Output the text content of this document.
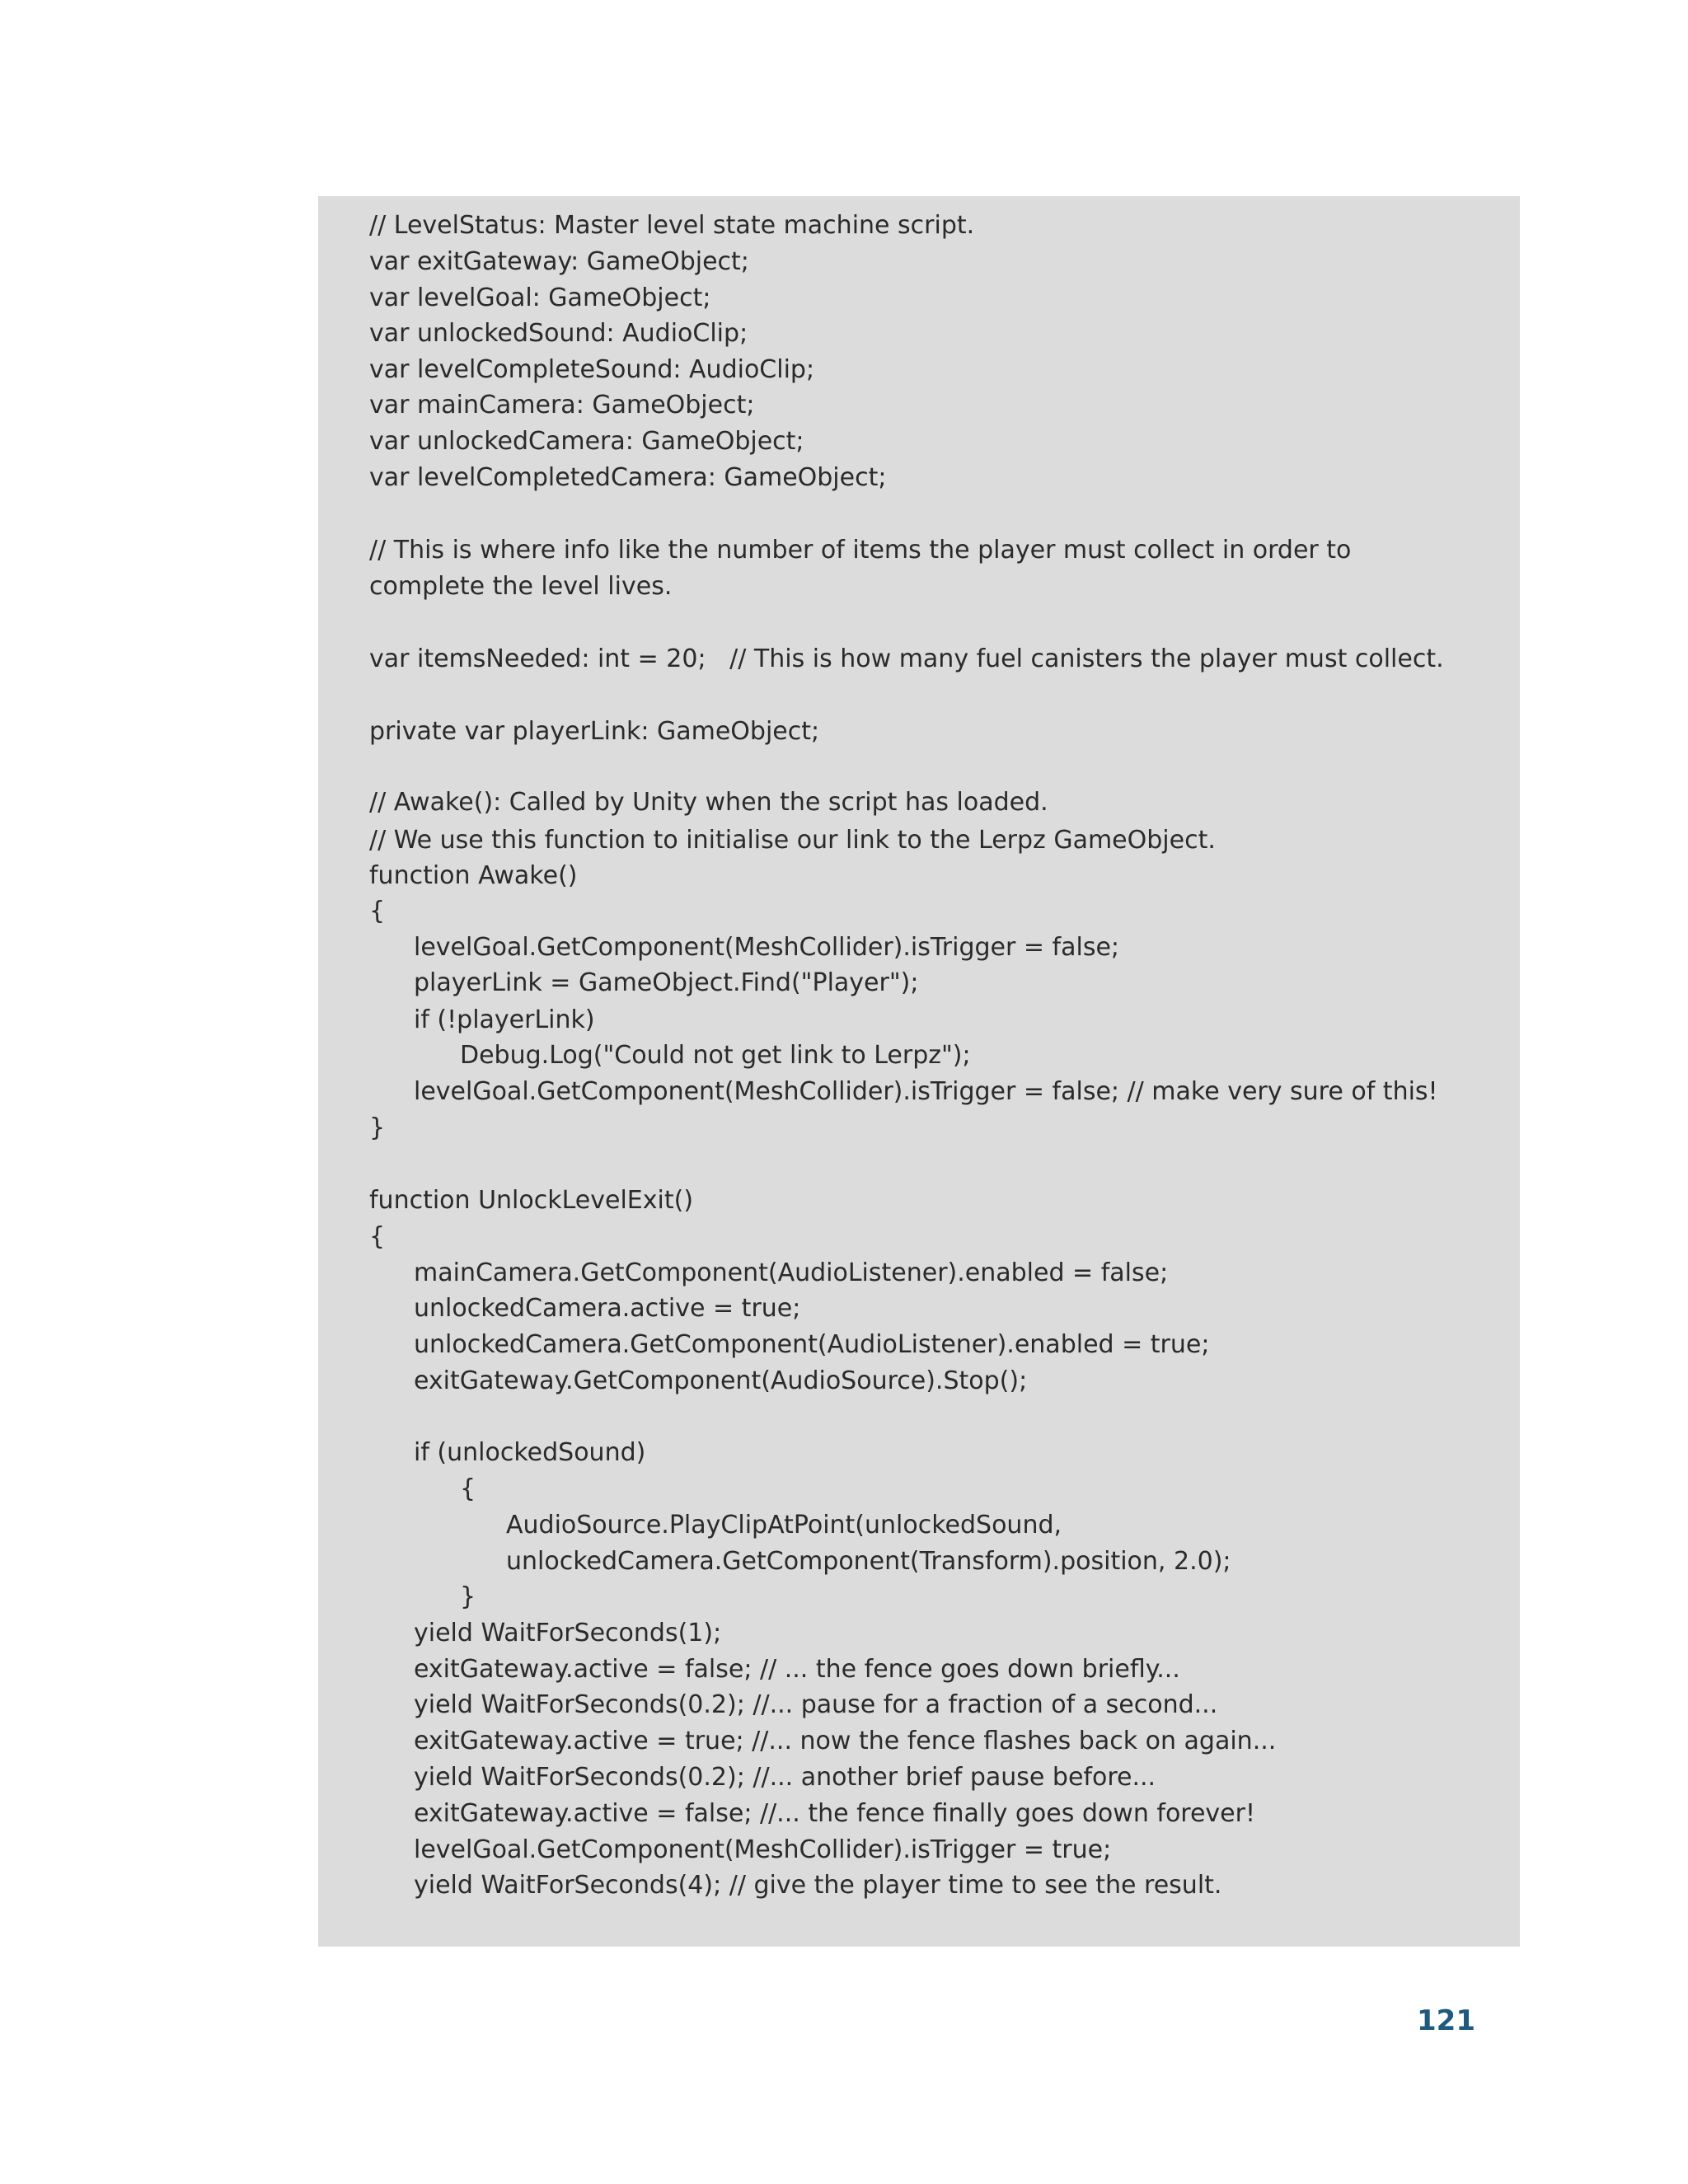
// LevelStatus: Master level state machine script.
var exitGateway: GameObject;
var levelGoal: GameObject;
var unlockedSound: AudioClip;
var levelCompleteSound: AudioClip;
var mainCamera: GameObject;
var unlockedCamera: GameObject;
var levelCompletedCamera: GameObject;
// This is where info like the number of items the player must collect in order to
complete the level lives.
var itemsNeeded: int = 20;   // This is how many fuel canisters the player must collect.
private var playerLink: GameObject;
// Awake(): Called by Unity when the script has loaded.
// We use this function to initialise our link to the Lerpz GameObject.
function Awake()
{
levelGoal.GetComponent(MeshCollider).isTrigger = false;
playerLink = GameObject.Find("Player");
if (!playerLink)
Debug.Log("Could not get link to Lerpz");
levelGoal.GetComponent(MeshCollider).isTrigger = false; // make very sure of this!
}
function UnlockLevelExit()
{
mainCamera.GetComponent(AudioListener).enabled = false;
unlockedCamera.active = true;
unlockedCamera.GetComponent(AudioListener).enabled = true;
exitGateway.GetComponent(AudioSource).Stop();
if (unlockedSound)
{
AudioSource.PlayClipAtPoint(unlockedSound,
unlockedCamera.GetComponent(Transform).position, 2.0);
}
yield WaitForSeconds(1);
exitGateway.active = false; // ... the fence goes down briefly...
yield WaitForSeconds(0.2); //... pause for a fraction of a second...
exitGateway.active = true; //... now the fence flashes back on again...
yield WaitForSeconds(0.2); //... another brief pause before...
exitGateway.active = false; //... the fence finally goes down forever!
levelGoal.GetComponent(MeshCollider).isTrigger = true;
yield WaitForSeconds(4); // give the player time to see the result.
121
